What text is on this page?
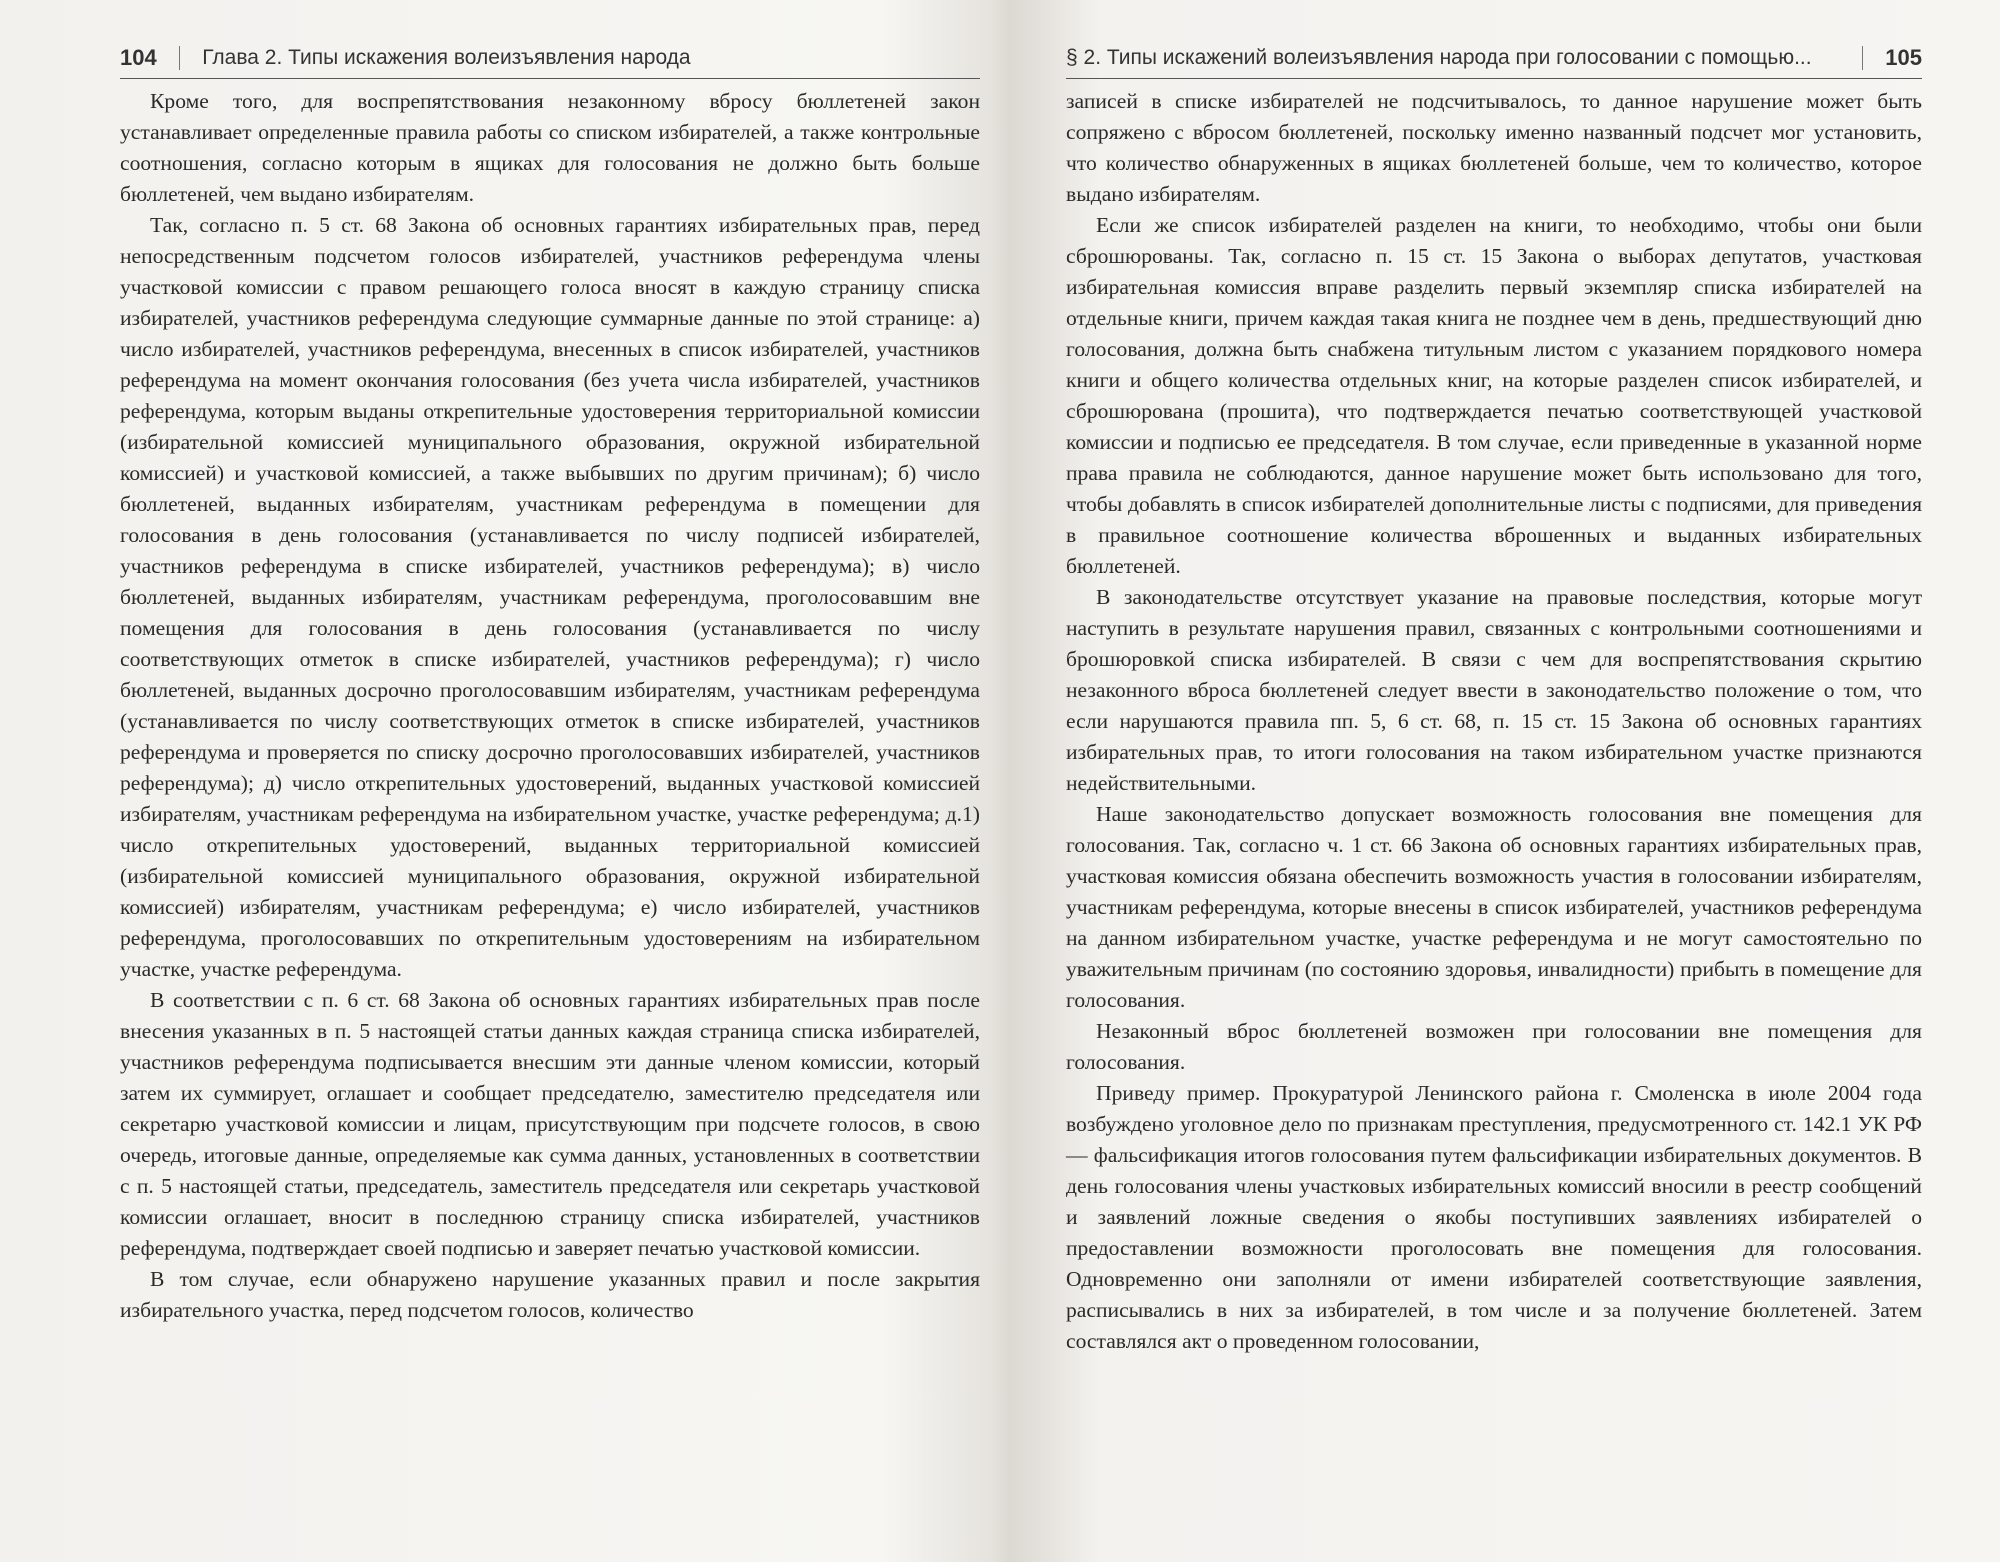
104 Глава 2. Типы искажения волеизъявления народа

Кроме того, для воспрепятствования незаконному вбросу бюллетеней закон устанавливает определенные правила работы со списком избирателей, а также контрольные соотношения, согласно которым в ящиках для голосования не должно быть больше бюллетеней, чем выдано избирателям.

Так, согласно п. 5 ст. 68 Закона об основных гарантиях избирательных прав, перед непосредственным подсчетом голосов избирателей, участников референдума члены участковой комиссии с правом решающего голоса вносят в каждую страницу списка избирателей, участников референдума следующие суммарные данные по этой странице: а) число избирателей, участников референдума, внесенных в список избирателей, участников референдума на момент окончания голосования (без учета числа избирателей, участников референдума, которым выданы открепительные удостоверения территориальной комиссии (избирательной комиссией муниципального образования, окружной избирательной комиссией) и участковой комиссией, а также выбывших по другим причинам); б) число бюллетеней, выданных избирателям, участникам референдума в помещении для голосования в день голосования (устанавливается по числу подписей избирателей, участников референдума в списке избирателей, участников референдума); в) число бюллетеней, выданных избирателям, участникам референдума, проголосовавшим вне помещения для голосования в день голосования (устанавливается по числу соответствующих отметок в списке избирателей, участников референдума); г) число бюллетеней, выданных досрочно проголосовавшим избирателям, участникам референдума (устанавливается по числу соответствующих отметок в списке избирателей, участников референдума и проверяется по списку досрочно проголосовавших избирателей, участников референдума); д) число открепительных удостоверений, выданных участковой комиссией избирателям, участникам референдума на избирательном участке, участке референдума; д.1) число открепительных удостоверений, выданных территориальной комиссией (избирательной комиссией муниципального образования, окружной избирательной комиссией) избирателям, участникам референдума; е) число избирателей, участников референдума, проголосовавших по открепительным удостоверениям на избирательном участке, участке референдума.

В соответствии с п. 6 ст. 68 Закона об основных гарантиях избирательных прав после внесения указанных в п. 5 настоящей статьи данных каждая страница списка избирателей, участников референдума подписывается внесшим эти данные членом комиссии, который затем их суммирует, оглашает и сообщает председателю, заместителю председателя или секретарю участковой комиссии и лицам, присутствующим при подсчете голосов, в свою очередь, итоговые данные, определяемые как сумма данных, установленных в соответствии с п. 5 настоящей статьи, председатель, заместитель председателя или секретарь участковой комиссии оглашает, вносит в последнюю страницу списка избирателей, участников референдума, подтверждает своей подписью и заверяет печатью участковой комиссии.

В том случае, если обнаружено нарушение указанных правил и после закрытия избирательного участка, перед подсчетом голосов, количество

§ 2. Типы искажений волеизъявления народа при голосовании с помощью...	105

записей в списке избирателей не подсчитывалось, то данное нарушение может быть сопряжено с вбросом бюллетеней, поскольку именно названный подсчет мог установить, что количество обнаруженных в ящиках бюллетеней больше, чем то количество, которое выдано избирателям.

Если же список избирателей разделен на книги, то необходимо, чтобы они были сброшюрованы. Так, согласно п. 15 ст. 15 Закона о выборах депутатов, участковая избирательная комиссия вправе разделить первый экземпляр списка избирателей на отдельные книги, причем каждая такая книга не позднее чем в день, предшествующий дню голосования, должна быть снабжена титульным листом с указанием порядкового номера книги и общего количества отдельных книг, на которые разделен список избирателей, и сброшюрована (прошита), что подтверждается печатью соответствующей участковой комиссии и подписью ее председателя. В том случае, если приведенные в указанной норме права правила не соблюдаются, данное нарушение может быть использовано для того, чтобы добавлять в список избирателей дополнительные листы с подписями, для приведения в правильное соотношение количества вброшенных и выданных избирательных бюллетеней.

В законодательстве отсутствует указание на правовые последствия, которые могут наступить в результате нарушения правил, связанных с контрольными соотношениями и брошюровкой списка избирателей. В связи с чем для воспрепятствования скрытию незаконного вброса бюллетеней следует ввести в законодательство положение о том, что если нарушаются правила пп. 5, 6 ст. 68, п. 15 ст. 15 Закона об основных гарантиях избирательных прав, то итоги голосования на таком избирательном участке признаются недействительными.

Наше законодательство допускает возможность голосования вне помещения для голосования. Так, согласно ч. 1 ст. 66 Закона об основных гарантиях избирательных прав, участковая комиссия обязана обеспечить возможность участия в голосовании избирателям, участникам референдума, которые внесены в список избирателей, участников референдума на данном избирательном участке, участке референдума и не могут самостоятельно по уважительным причинам (по состоянию здоровья, инвалидности) прибыть в помещение для голосования.

Незаконный вброс бюллетеней возможен при голосовании вне помещения для голосования.

Приведу пример. Прокуратурой Ленинского района г. Смоленска в июле 2004 года возбуждено уголовное дело по признакам преступления, предусмотренного ст. 142.1 УК РФ — фальсификация итогов голосования путем фальсификации избирательных документов. В день голосования члены участковых избирательных комиссий вносили в реестр сообщений и заявлений ложные сведения о якобы поступивших заявлениях избирателей о предоставлении возможности проголосовать вне помещения для голосования. Одновременно они заполняли от имени избирателей соответствующие заявления, расписывались в них за избирателей, в том числе и за получение бюллетеней. Затем составлялся акт о проведенном голосовании,
